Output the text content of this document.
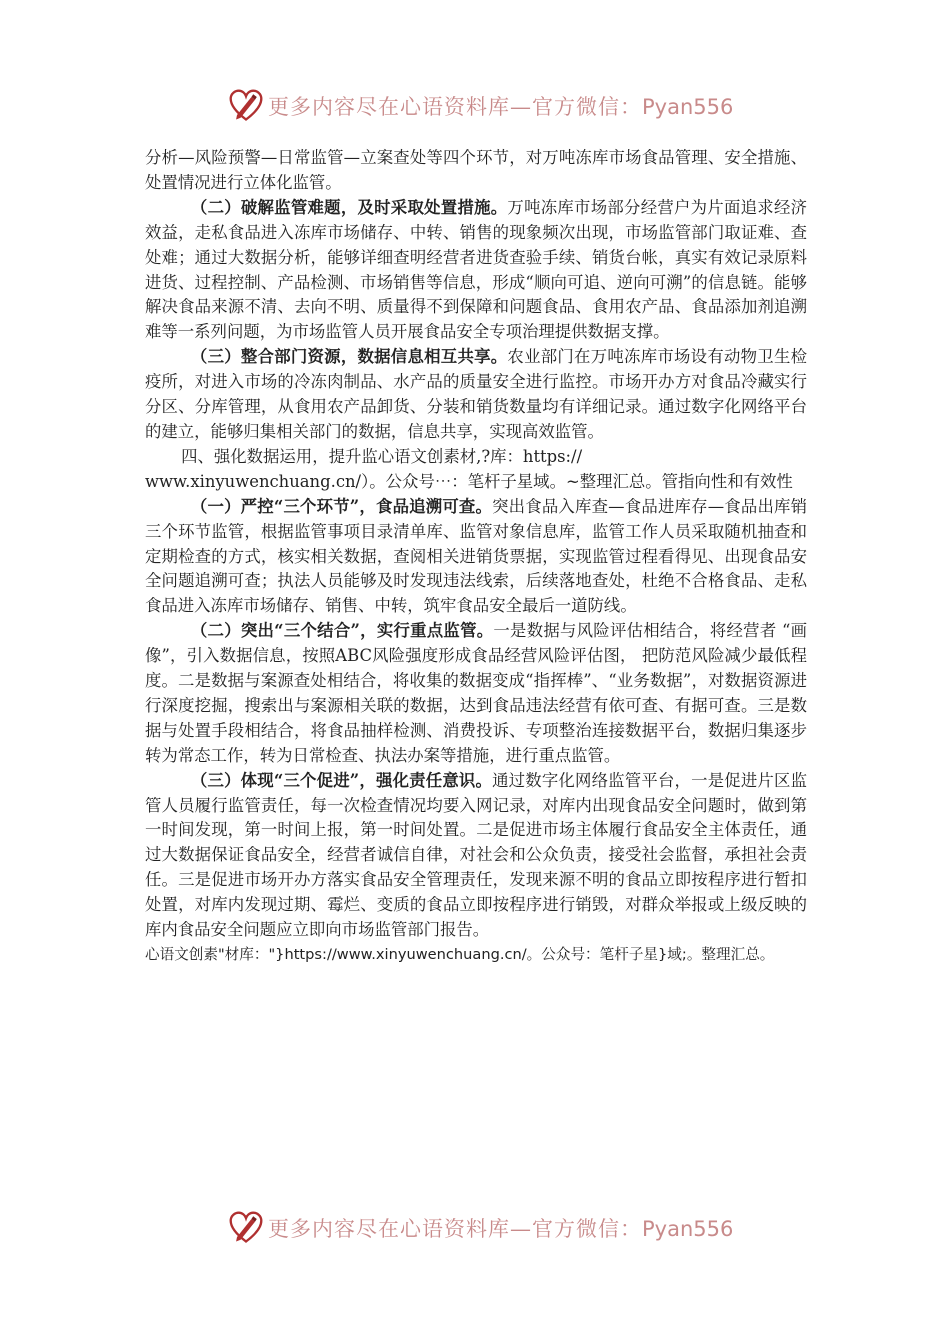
更多内容尽在心语资料库—官方微信：Pyan556

分析—风险预警—日常监管—立案查处等四个环节，对万吨冻库市场食品管理、安全措施、处置情况进行立体化监管。

（二）破解监管难题，及时采取处置措施。万吨冻库市场部分经营户为片面追求经济效益，走私食品进入冻库市场储存、中转、销售的现象频次出现，市场监管部门取证难、查处难；通过大数据分析，能够详细查明经营者进货查验手续、销货台帐，真实有效记录原料进货、过程控制、产品检测、市场销售等信息，形成“顺向可追、逆向可溯”的信息链。能够解决食品来源不清、去向不明、质量得不到保障和问题食品、食用农产品、食品添加剂追溯难等一系列问题，为市场监管人员开展食品安全专项治理提供数据支撑。

（三）整合部门资源，数据信息相互共享。农业部门在万吨冻库市场设有动物卫生检疫所，对进入市场的冷冻肉制品、水产品的质量安全进行监控。市场开办方对食品冷藏实行分区、分库管理，从食用农产品卸货、分装和销货数量均有详细记录。通过数字化网络平台的建立，能够归集相关部门的数据，信息共享，实现高效监管。

四、强化数据运用，提升监心语文创素材,?库：https://

www.xinyuwenchuang.cn/）。公众号⋯：笔杆子星域。~整理汇总。管指向性和有效性

（一）严控“三个环节”，食品追溯可查。突出食品入库查—食品进库存—食品出库销三个环节监管，根据监管事项目录清单库、监管对象信息库，监管工作人员采取随机抽查和定期检查的方式，核实相关数据，查阅相关进销货票据，实现监管过程看得见、出现食品安全问题追溯可查；执法人员能够及时发现违法线索，后续落地查处，杜绝不合格食品、走私食品进入冻库市场储存、销售、中转，筑牢食品安全最后一道防线。

（二）突出“三个结合”，实行重点监管。一是数据与风险评估相结合，将经营者 “画像”，引入数据信息，按照ABC风险强度形成食品经营风险评估图， 把防范风险减少最低程度。二是数据与案源查处相结合，将收集的数据变成“指挥棒”、“业务数据”，对数据资源进行深度挖掘，搜索出与案源相关联的数据，达到食品违法经营有依可查、有据可查。三是数据与处置手段相结合，将食品抽样检测、消费投诉、专项整治连接数据平台，数据归集逐步转为常态工作，转为日常检查、执法办案等措施，进行重点监管。

（三）体现“三个促进”，强化责任意识。通过数字化网络监管平台，一是促进片区监管人员履行监管责任，每一次检查情况均要入网记录，对库内出现食品安全问题时，做到第一时间发现，第一时间上报，第一时间处置。二是促进市场主体履行食品安全主体责任，通过大数据保证食品安全，经营者诚信自律，对社会和公众负责，接受社会监督，承担社会责任。三是促进市场开办方落实食品安全管理责任，发现来源不明的食品立即按程序进行暂扣处置，对库内发现过期、霉烂、变质的食品立即按程序进行销毁，对群众举报或上级反映的库内食品安全问题应立即向市场监管部门报告。

心语文创素"材库："}https://www.xinyuwenchuang.cn/。公众号：笔杆子星}域;。整理汇总。

更多内容尽在心语资料库—官方微信：Pyan556
